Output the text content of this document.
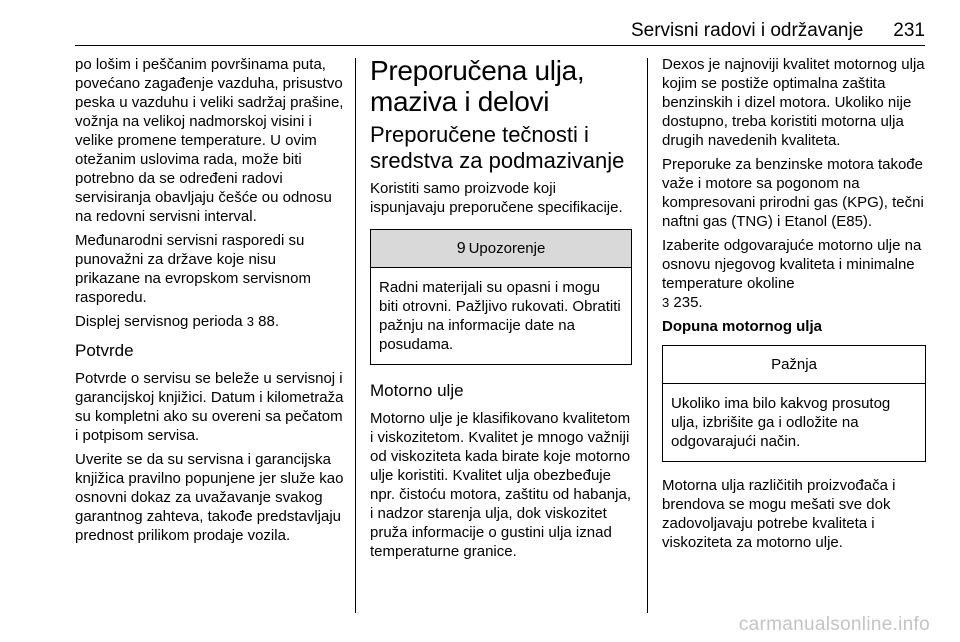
Servisni radovi i održavanje 231

po lošim i peščanim površinama puta, povećano zagađenje vazduha, prisustvo peska u vazduhu i veliki sadržaj prašine, vožnja na velikoj nadmorskoj visini i velike promene temperature. U ovim otežanim uslovima rada, može biti potrebno da se određeni radovi servisiranja obavljaju češće ou odnosu na redovni servisni interval.

Međunarodni servisni rasporedi su punovažni za države koje nisu prikazane na evropskom servisnom rasporedu.

Displej servisnog perioda 3 88.

Potvrde

Potvrde o servisu se beleže u servisnoj i garancijskoj knjižici. Datum i kilometraža su kompletni ako su overeni sa pečatom i potpisom servisa.

Uverite se da su servisna i garancijska knjižica pravilno popunjene jer služe kao osnovni dokaz za uvažavanje svakog garantnog zahteva, takođe predstavljaju prednost prilikom prodaje vozila.

Preporučena ulja, maziva i delovi
Preporučene tečnosti i sredstva za podmazivanje

Koristiti samo proizvode koji ispunjavaju preporučene specifikacije.

9 Upozorenje
Radni materijali su opasni i mogu biti otrovni. Pažljivo rukovati. Obratiti pažnju na informacije date na posudama.
Motorno ulje

Motorno ulje je klasifikovano kvalitetom i viskozitetom. Kvalitet je mnogo važniji od viskoziteta kada birate koje motorno ulje koristiti. Kvalitet ulja obezbeđuje npr. čistoću motora, zaštitu od habanja, i nadzor starenja ulja, dok viskozitet pruža informacije o gustini ulja iznad temperaturne granice.

Dexos je najnoviji kvalitet motornog ulja kojim se postiže optimalna zaštita benzinskih i dizel motora. Ukoliko nije dostupno, treba koristiti motorna ulja drugih navedenih kvaliteta.

Preporuke za benzinske motora takođe važe i motore sa pogonom na kompresovani prirodni gas (KPG), tečni naftni gas (TNG) i Etanol (E85).

Izaberite odgovarajuće motorno ulje na osnovu njegovog kvaliteta i minimalne temperature okoline
3 235.

Dopuna motornog ulja
Pažnja
Ukoliko ima bilo kakvog prosutog ulja, izbrišite ga i odložite na odgovarajući način.

Motorna ulja različitih proizvođača i brendova se mogu mešati sve dok zadovoljavaju potrebe kvaliteta i viskoziteta za motorno ulje.

carmanualsonline.info
